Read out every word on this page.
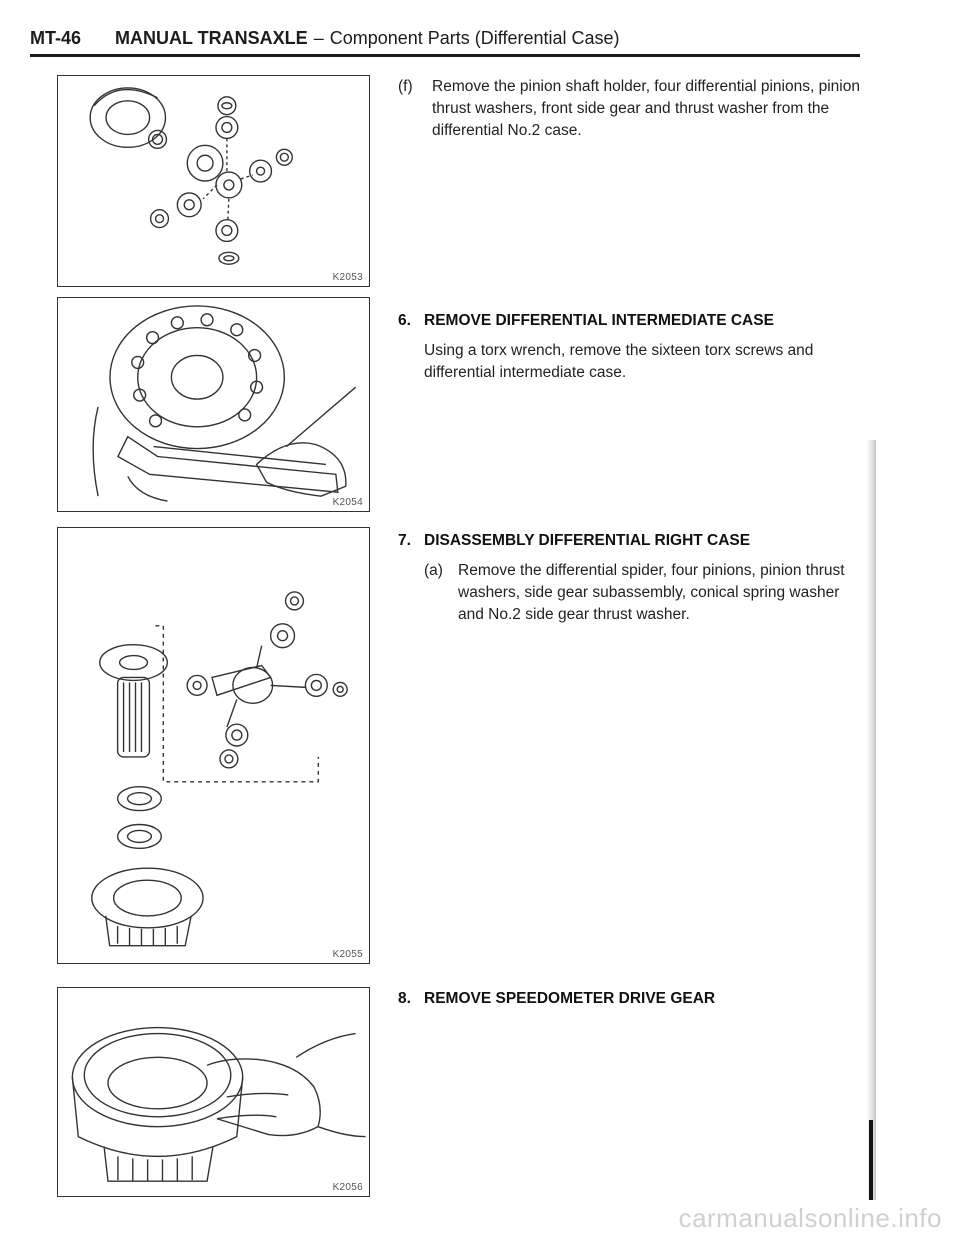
MT-46 MANUAL TRANSAXLE – Component Parts (Differential Case)
K2053
K2054
K2055
K2056
(f)	Remove the pinion shaft holder, four differential pinions, pinion thrust washers, front side gear and thrust washer from the differential No.2 case.
6. REMOVE DIFFERENTIAL INTERMEDIATE CASE
Using a torx wrench, remove the sixteen torx screws and differential intermediate case.
7. DISASSEMBLY DIFFERENTIAL RIGHT CASE
(a) Remove the differential spider, four pinions, pinion thrust washers, side gear subassembly, conical spring washer and No.2 side gear thrust washer.
8. REMOVE SPEEDOMETER DRIVE GEAR
carmanualsonline.info
